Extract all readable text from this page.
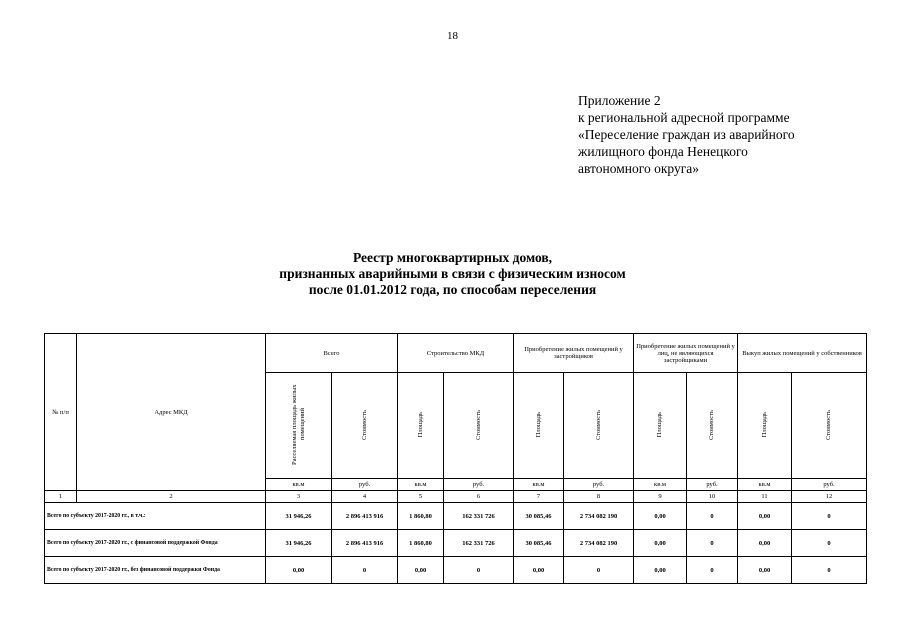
18
Приложение 2
к региональной адресной программе
«Переселение граждан из аварийного
жилищного фонда Ненецкого
автономного округа»
Реестр многоквартирных домов,
признанных аварийными в связи с физическим износом
после 01.01.2012 года, по способам переселения
№ п/п	Адрес МКД	Всего		Строительство МКД		Приобретение жилых помещений у застройщиков		Приобретение жилых помещений у лиц, не являющихся застройщиками		Выкуп жилых помещений у собственников	
		Расселяемая площадь жилых помещений	Стоимость	Площадь	Стоимость	Площадь	Стоимость	Площадь	Стоимость	Площадь	Стоимость
		кв.м	руб.	кв.м	руб.	кв.м	руб.	кв.м	руб.	кв.м	руб.
1	2	3	4	5	6	7	8	9	10	11	12
Всего по субъекту 2017-2020 гг., в т.ч.:		31 946,26	2 896 413 916	1 860,80	162 331 726	30 085,46	2 734 082 190	0,00	0	0,00	0
Всего по субъекту 2017-2020 гг., с финансовой поддержкой Фонда		31 946,26	2 896 413 916	1 860,80	162 331 726	30 085,46	2 734 082 190	0,00	0	0,00	0
Всего по субъекту 2017-2020 гг., без финансовой поддержки Фонда		0,00	0	0,00	0	0,00	0	0,00	0	0,00	0
